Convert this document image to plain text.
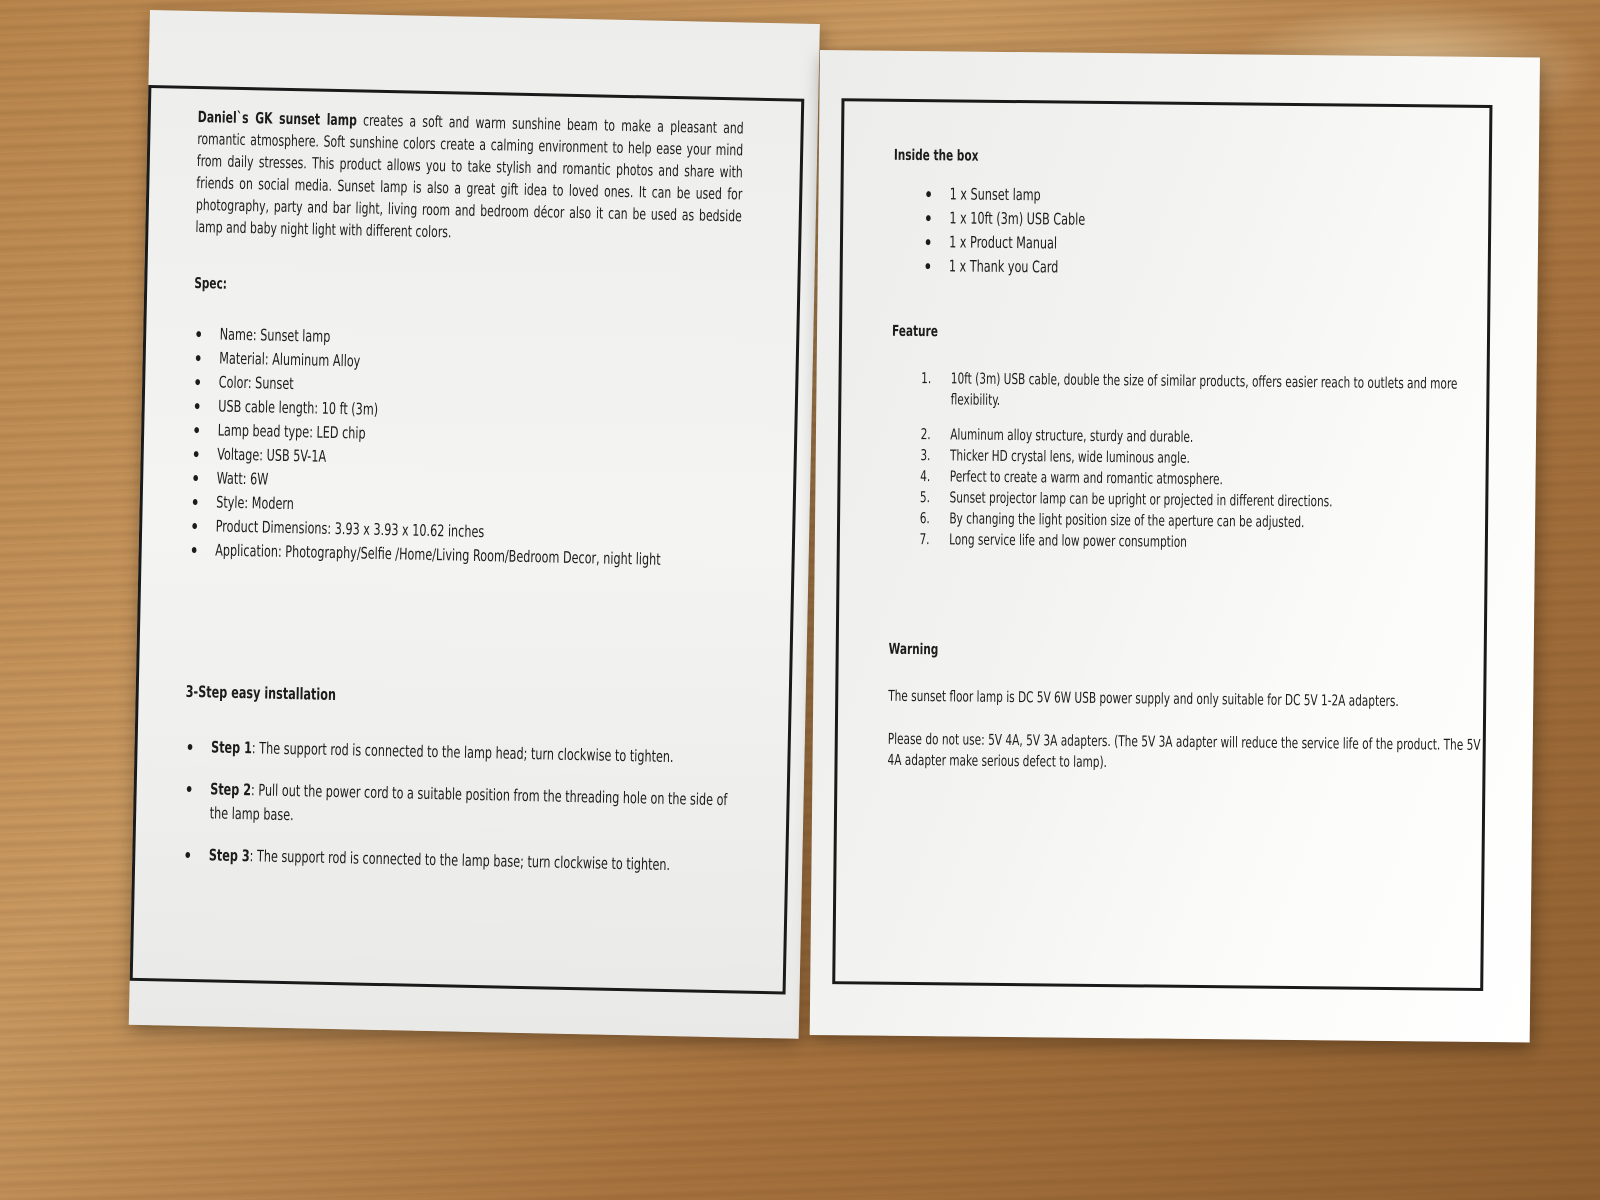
Daniel`s GK sunset lamp creates a soft and warm sunshine beam to make a pleasant and romantic atmosphere. Soft sunshine colors create a calming environment to help ease your mind from daily stresses. This product allows you to take stylish and romantic photos and share with friends on social media. Sunset lamp is also a great gift idea to loved ones. It can be used for photography, party and bar light, living room and bedroom décor also it can be used as bedside lamp and baby night light with different colors.

Spec:

Name: Sunset lamp
Material: Aluminum Alloy
Color: Sunset
USB cable length: 10 ft (3m)
Lamp bead type: LED chip
Voltage: USB 5V-1A
Watt: 6W
Style: Modern
Product Dimensions: 3.93 x 3.93 x 10.62 inches
Application: Photography/Selfie /Home/Living Room/Bedroom Decor, night light

3-Step easy installation

Step 1: The support rod is connected to the lamp head; turn clockwise to tighten.
Step 2: Pull out the power cord to a suitable position from the threading hole on the side of the lamp base.
Step 3: The support rod is connected to the lamp base; turn clockwise to tighten.

Inside the box

1 x Sunset lamp
1 x 10ft (3m) USB Cable
1 x Product Manual
1 x Thank you Card

Feature

1. 10ft (3m) USB cable, double the size of similar products, offers easier reach to outlets and more flexibility.
2. Aluminum alloy structure, sturdy and durable.
3. Thicker HD crystal lens, wide luminous angle.
4. Perfect to create a warm and romantic atmosphere.
5. Sunset projector lamp can be upright or projected in different directions.
6. By changing the light position size of the aperture can be adjusted.
7. Long service life and low power consumption

Warning

The sunset floor lamp is DC 5V 6W USB power supply and only suitable for DC 5V 1-2A adapters.

Please do not use: 5V 4A, 5V 3A adapters. (The 5V 3A adapter will reduce the service life of the product. The 5V 4A adapter make serious defect to lamp).
